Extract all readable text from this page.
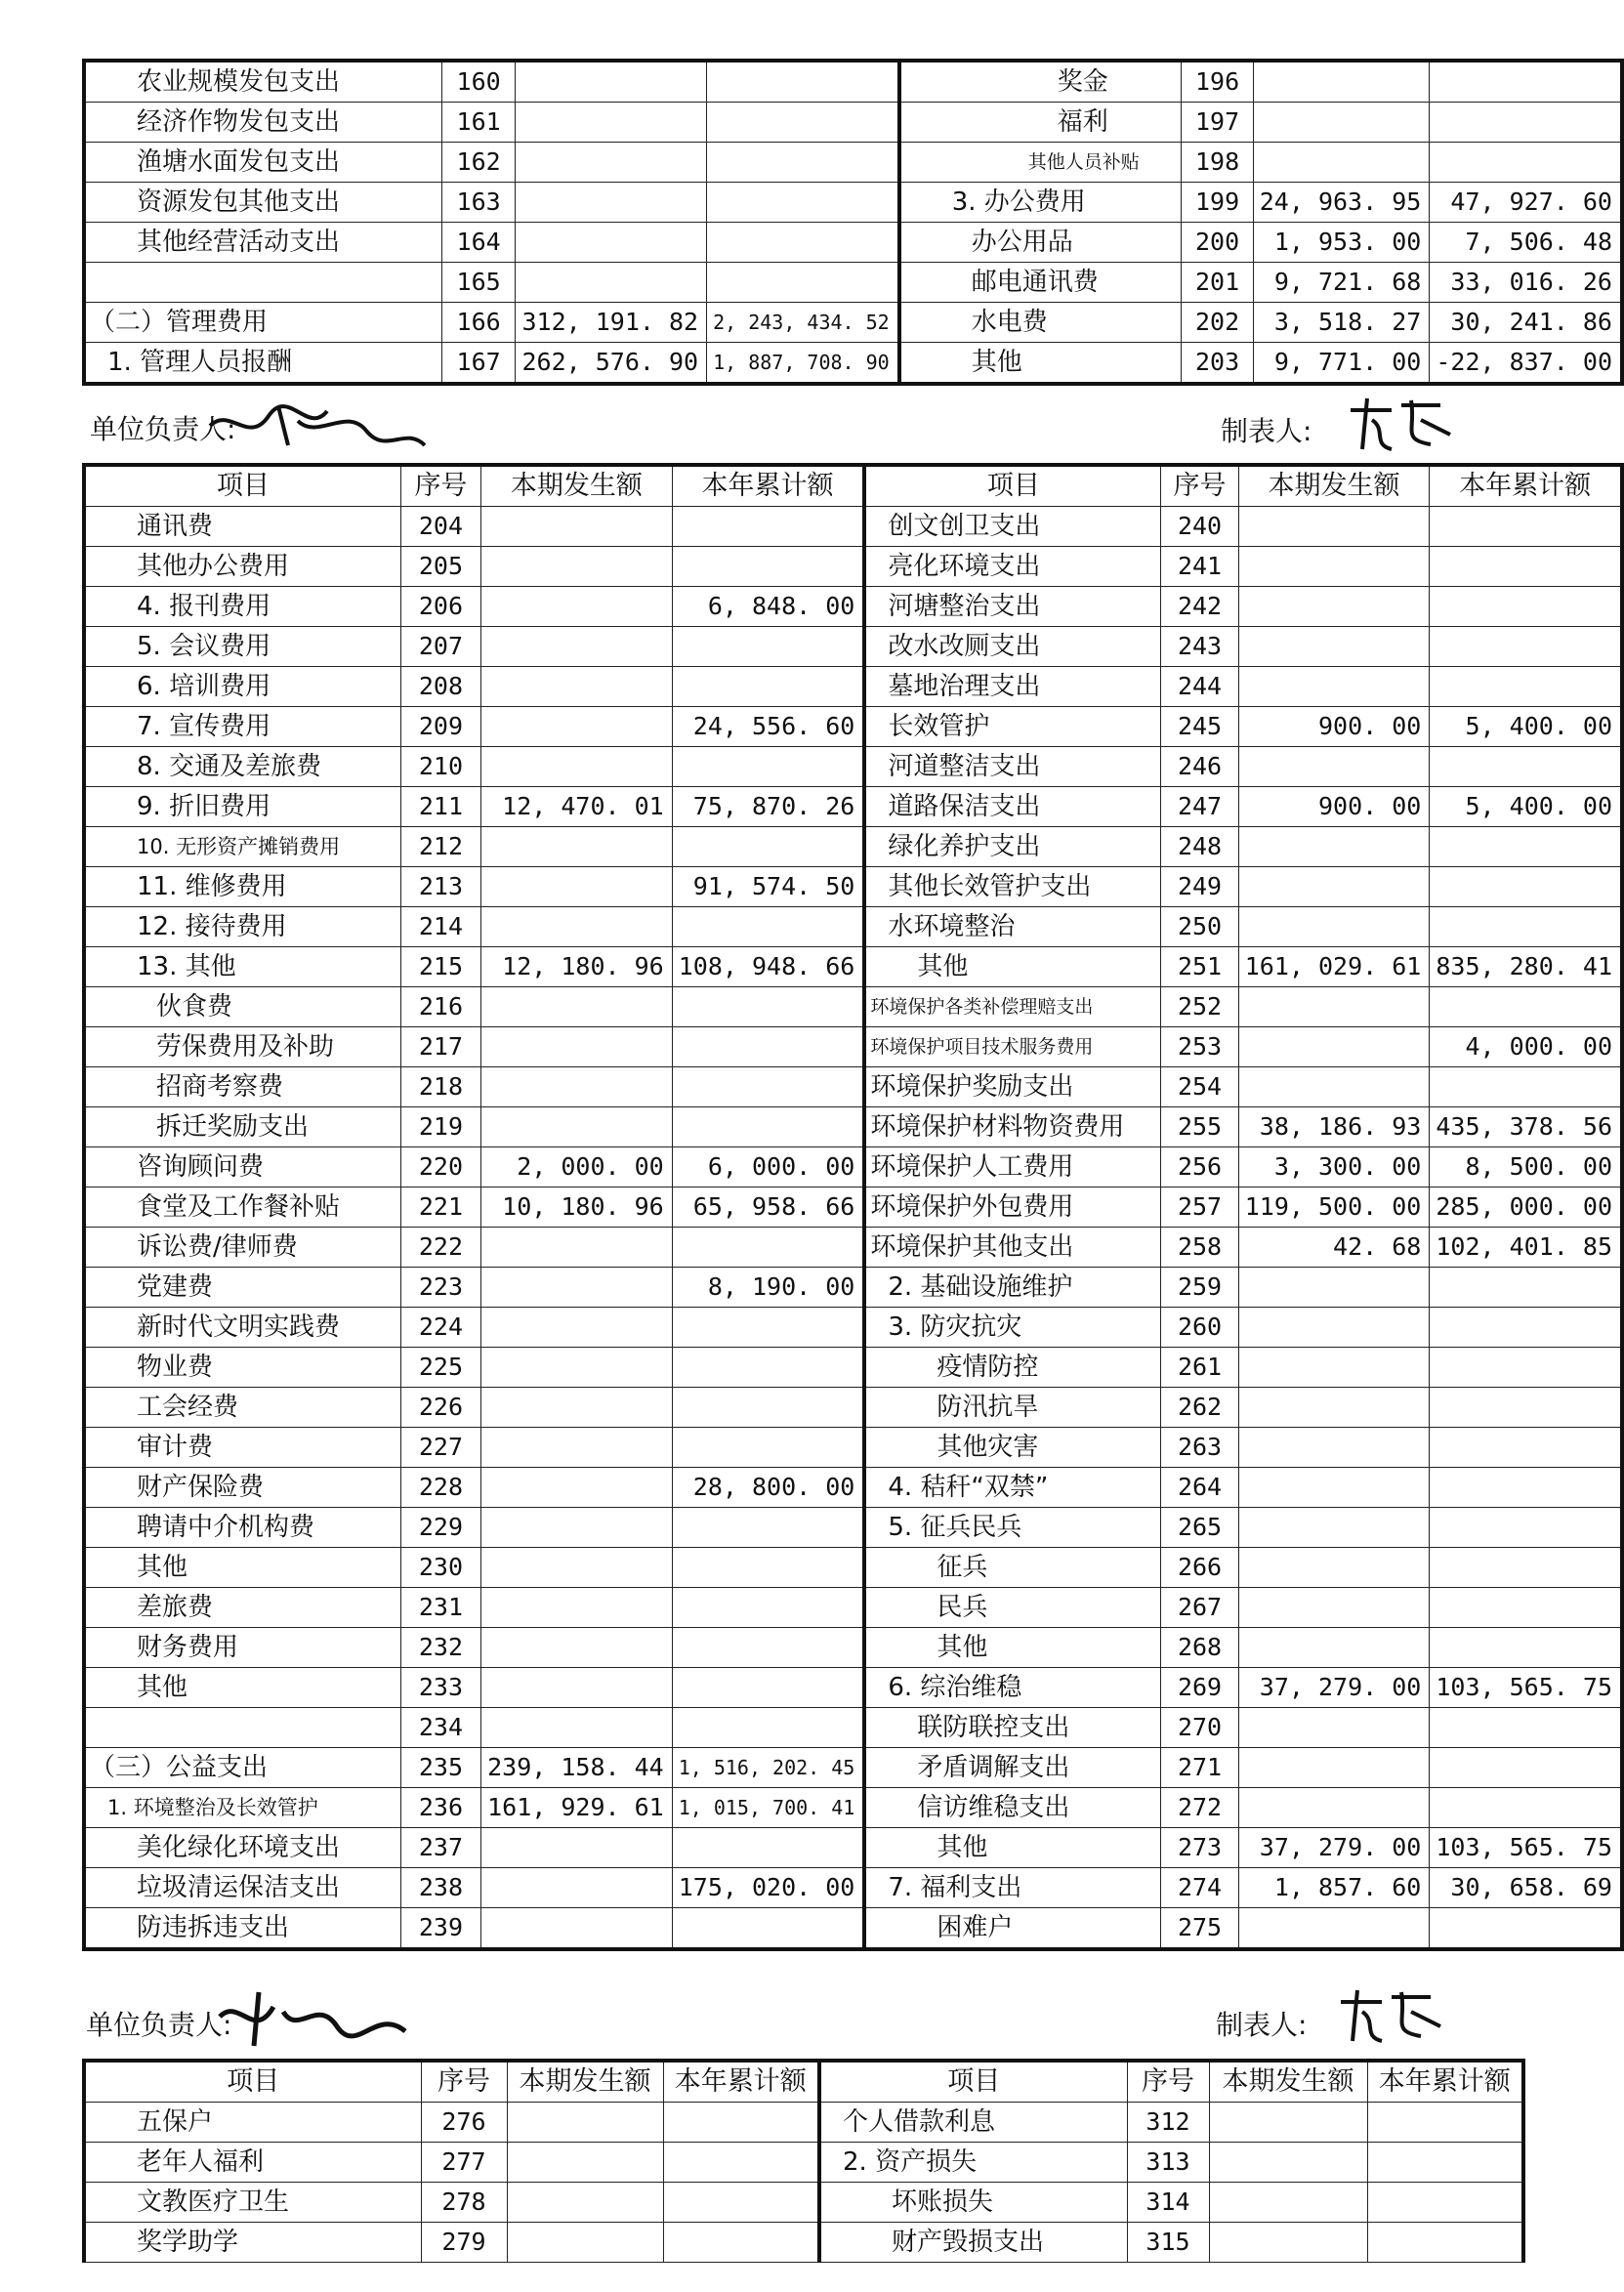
农业规模发包支出	160			奖金	196		
经济作物发包支出	161			福利	197		
渔塘水面发包支出	162			其他人员补贴	198		
资源发包其他支出	163			3. 办公费用	199	24, 963. 95	47, 927. 60
其他经营活动支出	164			办公用品	200	1, 953. 00	7, 506. 48
	165			邮电通讯费	201	9, 721. 68	33, 016. 26
（二）管理费用	166	312, 191. 82	2, 243, 434. 52	水电费	202	3, 518. 27	30, 241. 86
1. 管理人员报酬	167	262, 576. 90	1, 887, 708. 90	其他	203	9, 771. 00	-22, 837. 00
单位负责人:	制表人:
项目	序号	本期发生额	本年累计额	项目	序号	本期发生额	本年累计额
通讯费	204			创文创卫支出	240		
其他办公费用	205			亮化环境支出	241		
4. 报刊费用	206		6, 848. 00	河塘整治支出	242		
5. 会议费用	207			改水改厕支出	243		
6. 培训费用	208			墓地治理支出	244		
7. 宣传费用	209		24, 556. 60	长效管护	245	900. 00	5, 400. 00
8. 交通及差旅费	210			河道整洁支出	246		
9. 折旧费用	211	12, 470. 01	75, 870. 26	道路保洁支出	247	900. 00	5, 400. 00
10. 无形资产摊销费用	212			绿化养护支出	248		
11. 维修费用	213		91, 574. 50	其他长效管护支出	249		
12. 接待费用	214			水环境整治	250		
13. 其他	215	12, 180. 96	108, 948. 66	其他	251	161, 029. 61	835, 280. 41
伙食费	216			环境保护各类补偿理赔支出	252		
劳保费用及补助	217			环境保护项目技术服务费用	253		4, 000. 00
招商考察费	218			环境保护奖励支出	254		
拆迁奖励支出	219			环境保护材料物资费用	255	38, 186. 93	435, 378. 56
咨询顾问费	220	2, 000. 00	6, 000. 00	环境保护人工费用	256	3, 300. 00	8, 500. 00
食堂及工作餐补贴	221	10, 180. 96	65, 958. 66	环境保护外包费用	257	119, 500. 00	285, 000. 00
诉讼费/律师费	222			环境保护其他支出	258	42. 68	102, 401. 85
党建费	223		8, 190. 00	2. 基础设施维护	259		
新时代文明实践费	224			3. 防灾抗灾	260		
物业费	225			疫情防控	261		
工会经费	226			防汛抗旱	262		
审计费	227			其他灾害	263		
财产保险费	228		28, 800. 00	4. 秸秆“双禁”	264		
聘请中介机构费	229			5. 征兵民兵	265		
其他	230			征兵	266		
差旅费	231			民兵	267		
财务费用	232			其他	268		
其他	233			6. 综治维稳	269	37, 279. 00	103, 565. 75
	234			联防联控支出	270		
（三）公益支出	235	239, 158. 44	1, 516, 202. 45	矛盾调解支出	271		
1. 环境整治及长效管护	236	161, 929. 61	1, 015, 700. 41	信访维稳支出	272		
美化绿化环境支出	237			其他	273	37, 279. 00	103, 565. 75
垃圾清运保洁支出	238		175, 020. 00	7. 福利支出	274	1, 857. 60	30, 658. 69
防违拆违支出	239			困难户	275		
单位负责人:	制表人:
项目	序号	本期发生额	本年累计额	项目	序号	本期发生额	本年累计额
五保户	276			个人借款利息	312		
老年人福利	277			2. 资产损失	313		
文教医疗卫生	278			坏账损失	314		
奖学助学	279			财产毁损支出	315		
